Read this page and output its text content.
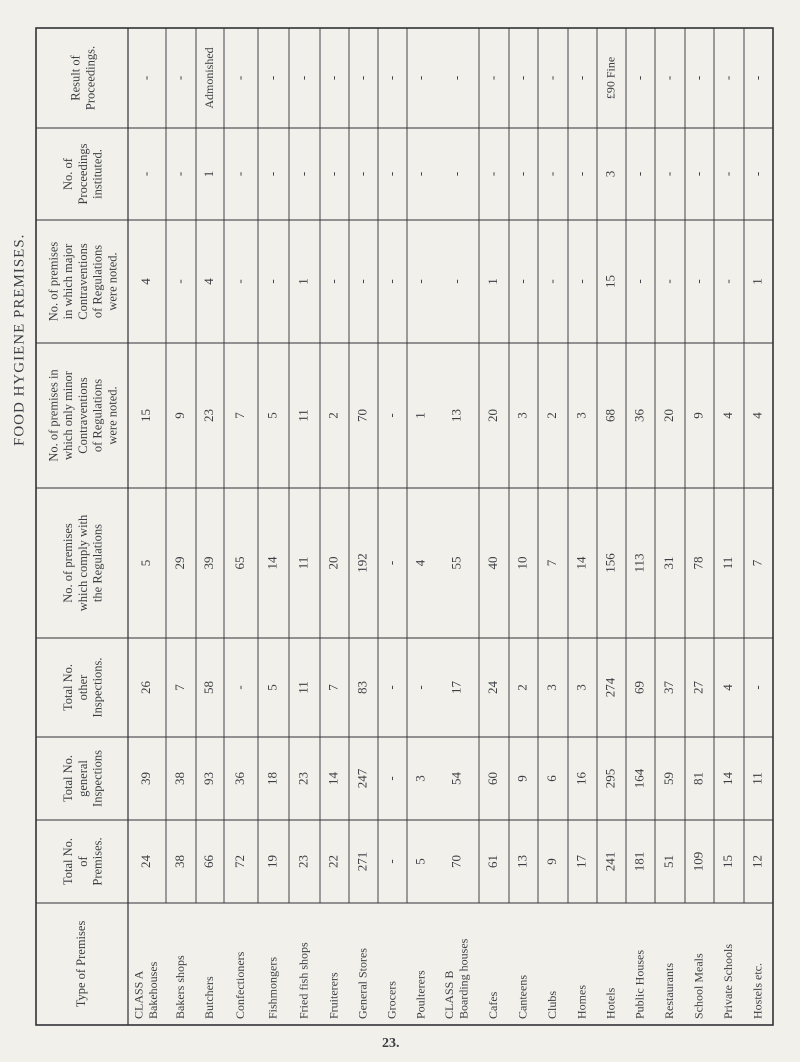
FOOD HYGIENE PREMISES.
Type of Premises
Total No. of Premises.
Total No. general Inspections
Total No. other Inspections.
No. of premises which comply with the Regulations
No. of premises in which only minor Contraventions of Regulations were noted.
No. of premises in which major Contraventions of Regulations were noted.
No. of Proceedings instituted.
Result of Proceedings.
CLASS A Bakehouses
24
39
26
5
15
4
-
-
Bakers shops
38
38
7
29
9
-
-
-
Butchers
66
93
58
39
23
4
1
Admonished
Confectioners
72
36
-
65
7
-
-
-
Fishmongers
19
18
5
14
5
-
-
-
Fried fish shops
23
23
11
11
11
1
-
-
Fruiterers
22
14
7
20
2
-
-
-
General Stores
271
247
83
192
70
-
-
-
Grocers
-
-
-
-
-
-
-
-
Poulterers
5
3
-
4
1
-
-
-
CLASS B Boarding houses
70
54
17
55
13
-
-
-
Cafes
61
60
24
40
20
1
-
-
Canteens
13
9
2
10
3
-
-
-
Clubs
9
6
3
7
2
-
-
-
Homes
17
16
3
14
3
-
-
-
Hotels
241
295
274
156
68
15
3
£90 Fine
Public Houses
181
164
69
113
36
-
-
-
Restaurants
51
59
37
31
20
-
-
-
School Meals
109
81
27
78
9
-
-
-
Private Schools
15
14
4
11
4
-
-
-
Hostels etc.
12
11
-
7
4
1
-
-
23.
